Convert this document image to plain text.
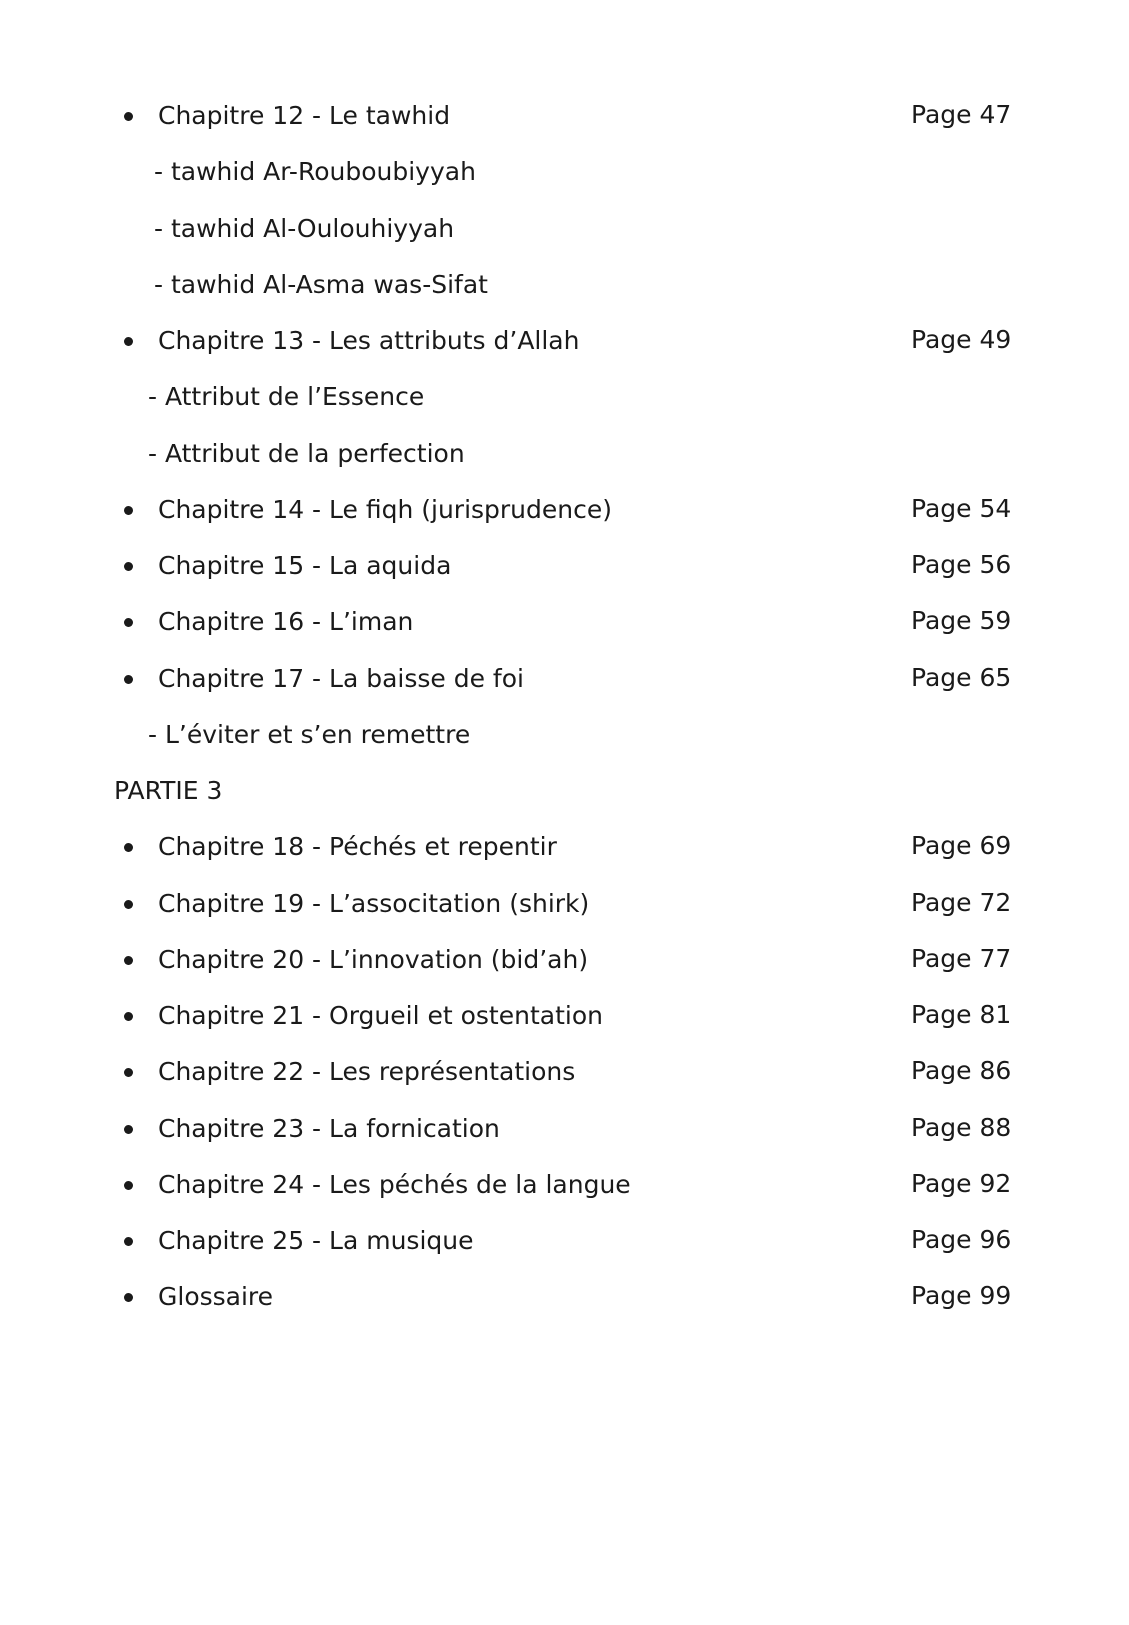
Chapitre 12 - Le tawhid	Page 47
- tawhid Ar-Rouboubiyyah
- tawhid Al-Oulouhiyyah
- tawhid Al-Asma was-Sifat
Chapitre 13 - Les attributs d’Allah	Page 49
- Attribut de l’Essence
- Attribut de la perfection
Chapitre 14 - Le fiqh (jurisprudence)	Page 54
Chapitre 15 - La aquida	Page 56
Chapitre 16 - L’iman	Page 59
Chapitre 17 - La baisse de foi	Page 65
- L’éviter et s’en remettre
PARTIE 3
Chapitre 18 - Péchés et repentir	Page 69
Chapitre 19 - L’associtation (shirk)	Page 72
Chapitre 20 - L’innovation (bid’ah)	Page 77
Chapitre 21 - Orgueil et ostentation	Page 81
Chapitre 22 - Les représentations	Page 86
Chapitre 23 - La fornication	Page 88
Chapitre 24 - Les péchés de la langue	Page 92
Chapitre 25 - La musique	Page 96
Glossaire	Page 99
